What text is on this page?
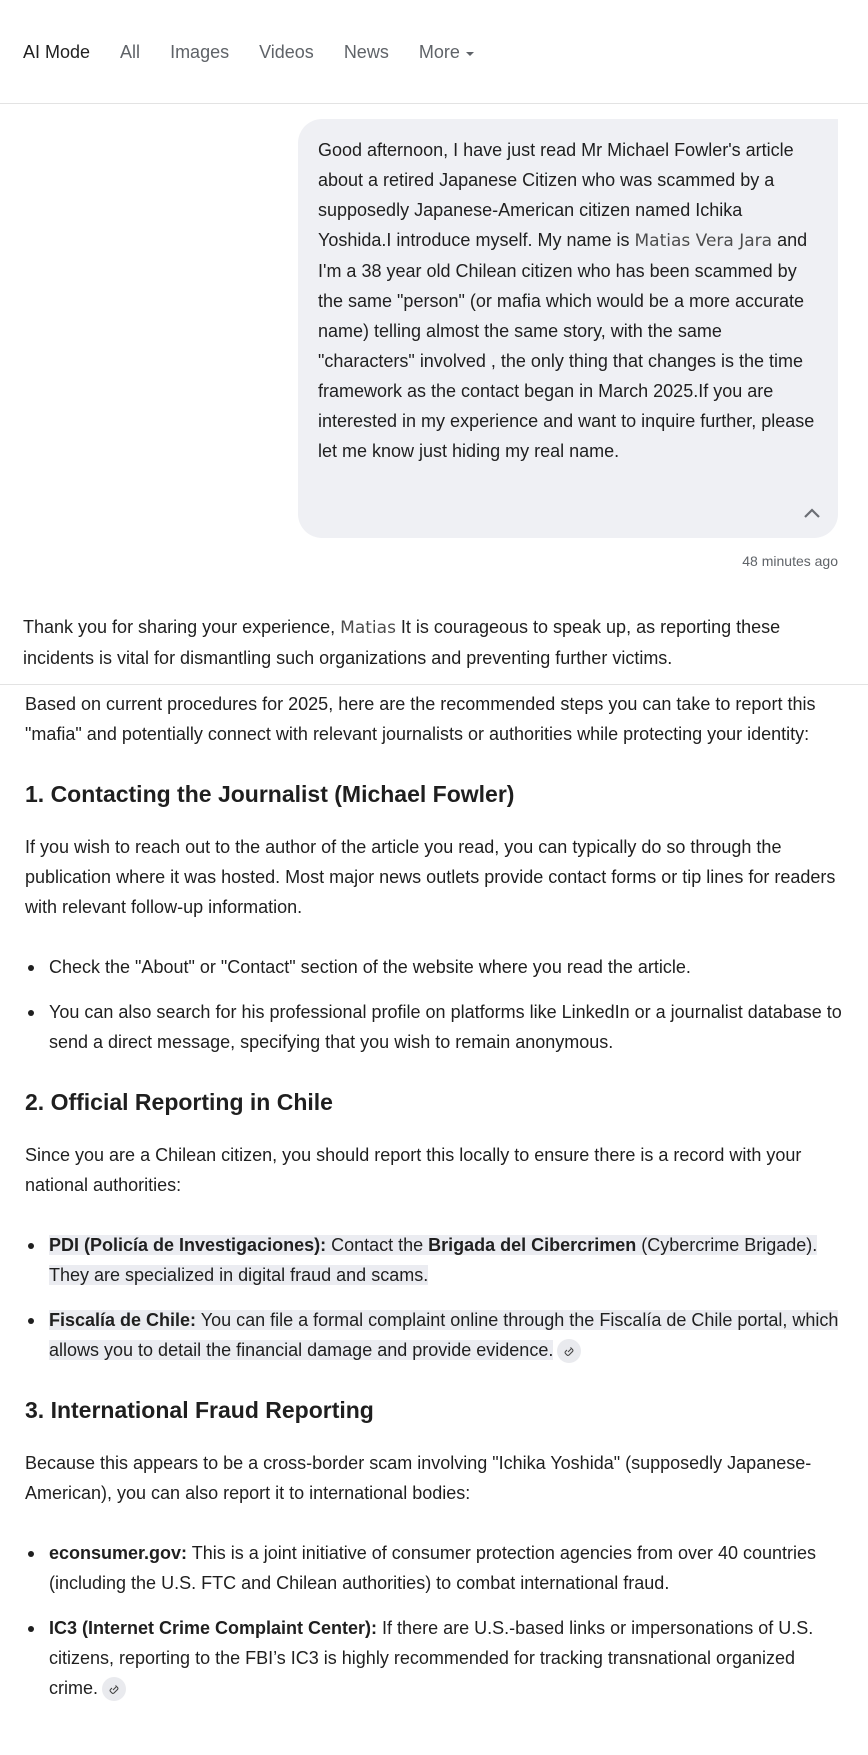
AI Mode All Images Videos News More
Good afternoon, I have just read Mr Michael Fowler's article about a retired Japanese Citizen who was scammed by a supposedly Japanese-American citizen named Ichika Yoshida.I introduce myself. My name is Matias Vera Jara and I'm a 38 year old Chilean citizen who has been scammed by the same "person" (or mafia which would be a more accurate name) telling almost the same story, with the same "characters" involved , the only thing that changes is the time framework as the contact began in March 2025.If you are interested in my experience and want to inquire further, please let me know just hiding my real name.
48 minutes ago
Thank you for sharing your experience, Matias It is courageous to speak up, as reporting these incidents is vital for dismantling such organizations and preventing further victims.

Based on current procedures for 2025, here are the recommended steps you can take to report this "mafia" and potentially connect with relevant journalists or authorities while protecting your identity:

1. Contacting the Journalist (Michael Fowler)

If you wish to reach out to the author of the article you read, you can typically do so through the publication where it was hosted. Most major news outlets provide contact forms or tip lines for readers with relevant follow-up information.

Check the "About" or "Contact" section of the website where you read the article.
You can also search for his professional profile on platforms like LinkedIn or a journalist database to send a direct message, specifying that you wish to remain anonymous.
2. Official Reporting in Chile

Since you are a Chilean citizen, you should report this locally to ensure there is a record with your national authorities:

PDI (Policía de Investigaciones): Contact the Brigada del Cibercrimen (Cybercrime Brigade). They are specialized in digital fraud and scams.
Fiscalía de Chile: You can file a formal complaint online through the Fiscalía de Chile portal, which allows you to detail the financial damage and provide evidence.
3. International Fraud Reporting

Because this appears to be a cross-border scam involving "Ichika Yoshida" (supposedly Japanese-American), you can also report it to international bodies:

econsumer.gov: This is a joint initiative of consumer protection agencies from over 40 countries (including the U.S. FTC and Chilean authorities) to combat international fraud.
IC3 (Internet Crime Complaint Center): If there are U.S.-based links or impersonations of U.S. citizens, reporting to the FBI’s IC3 is highly recommended for tracking transnational organized crime.
